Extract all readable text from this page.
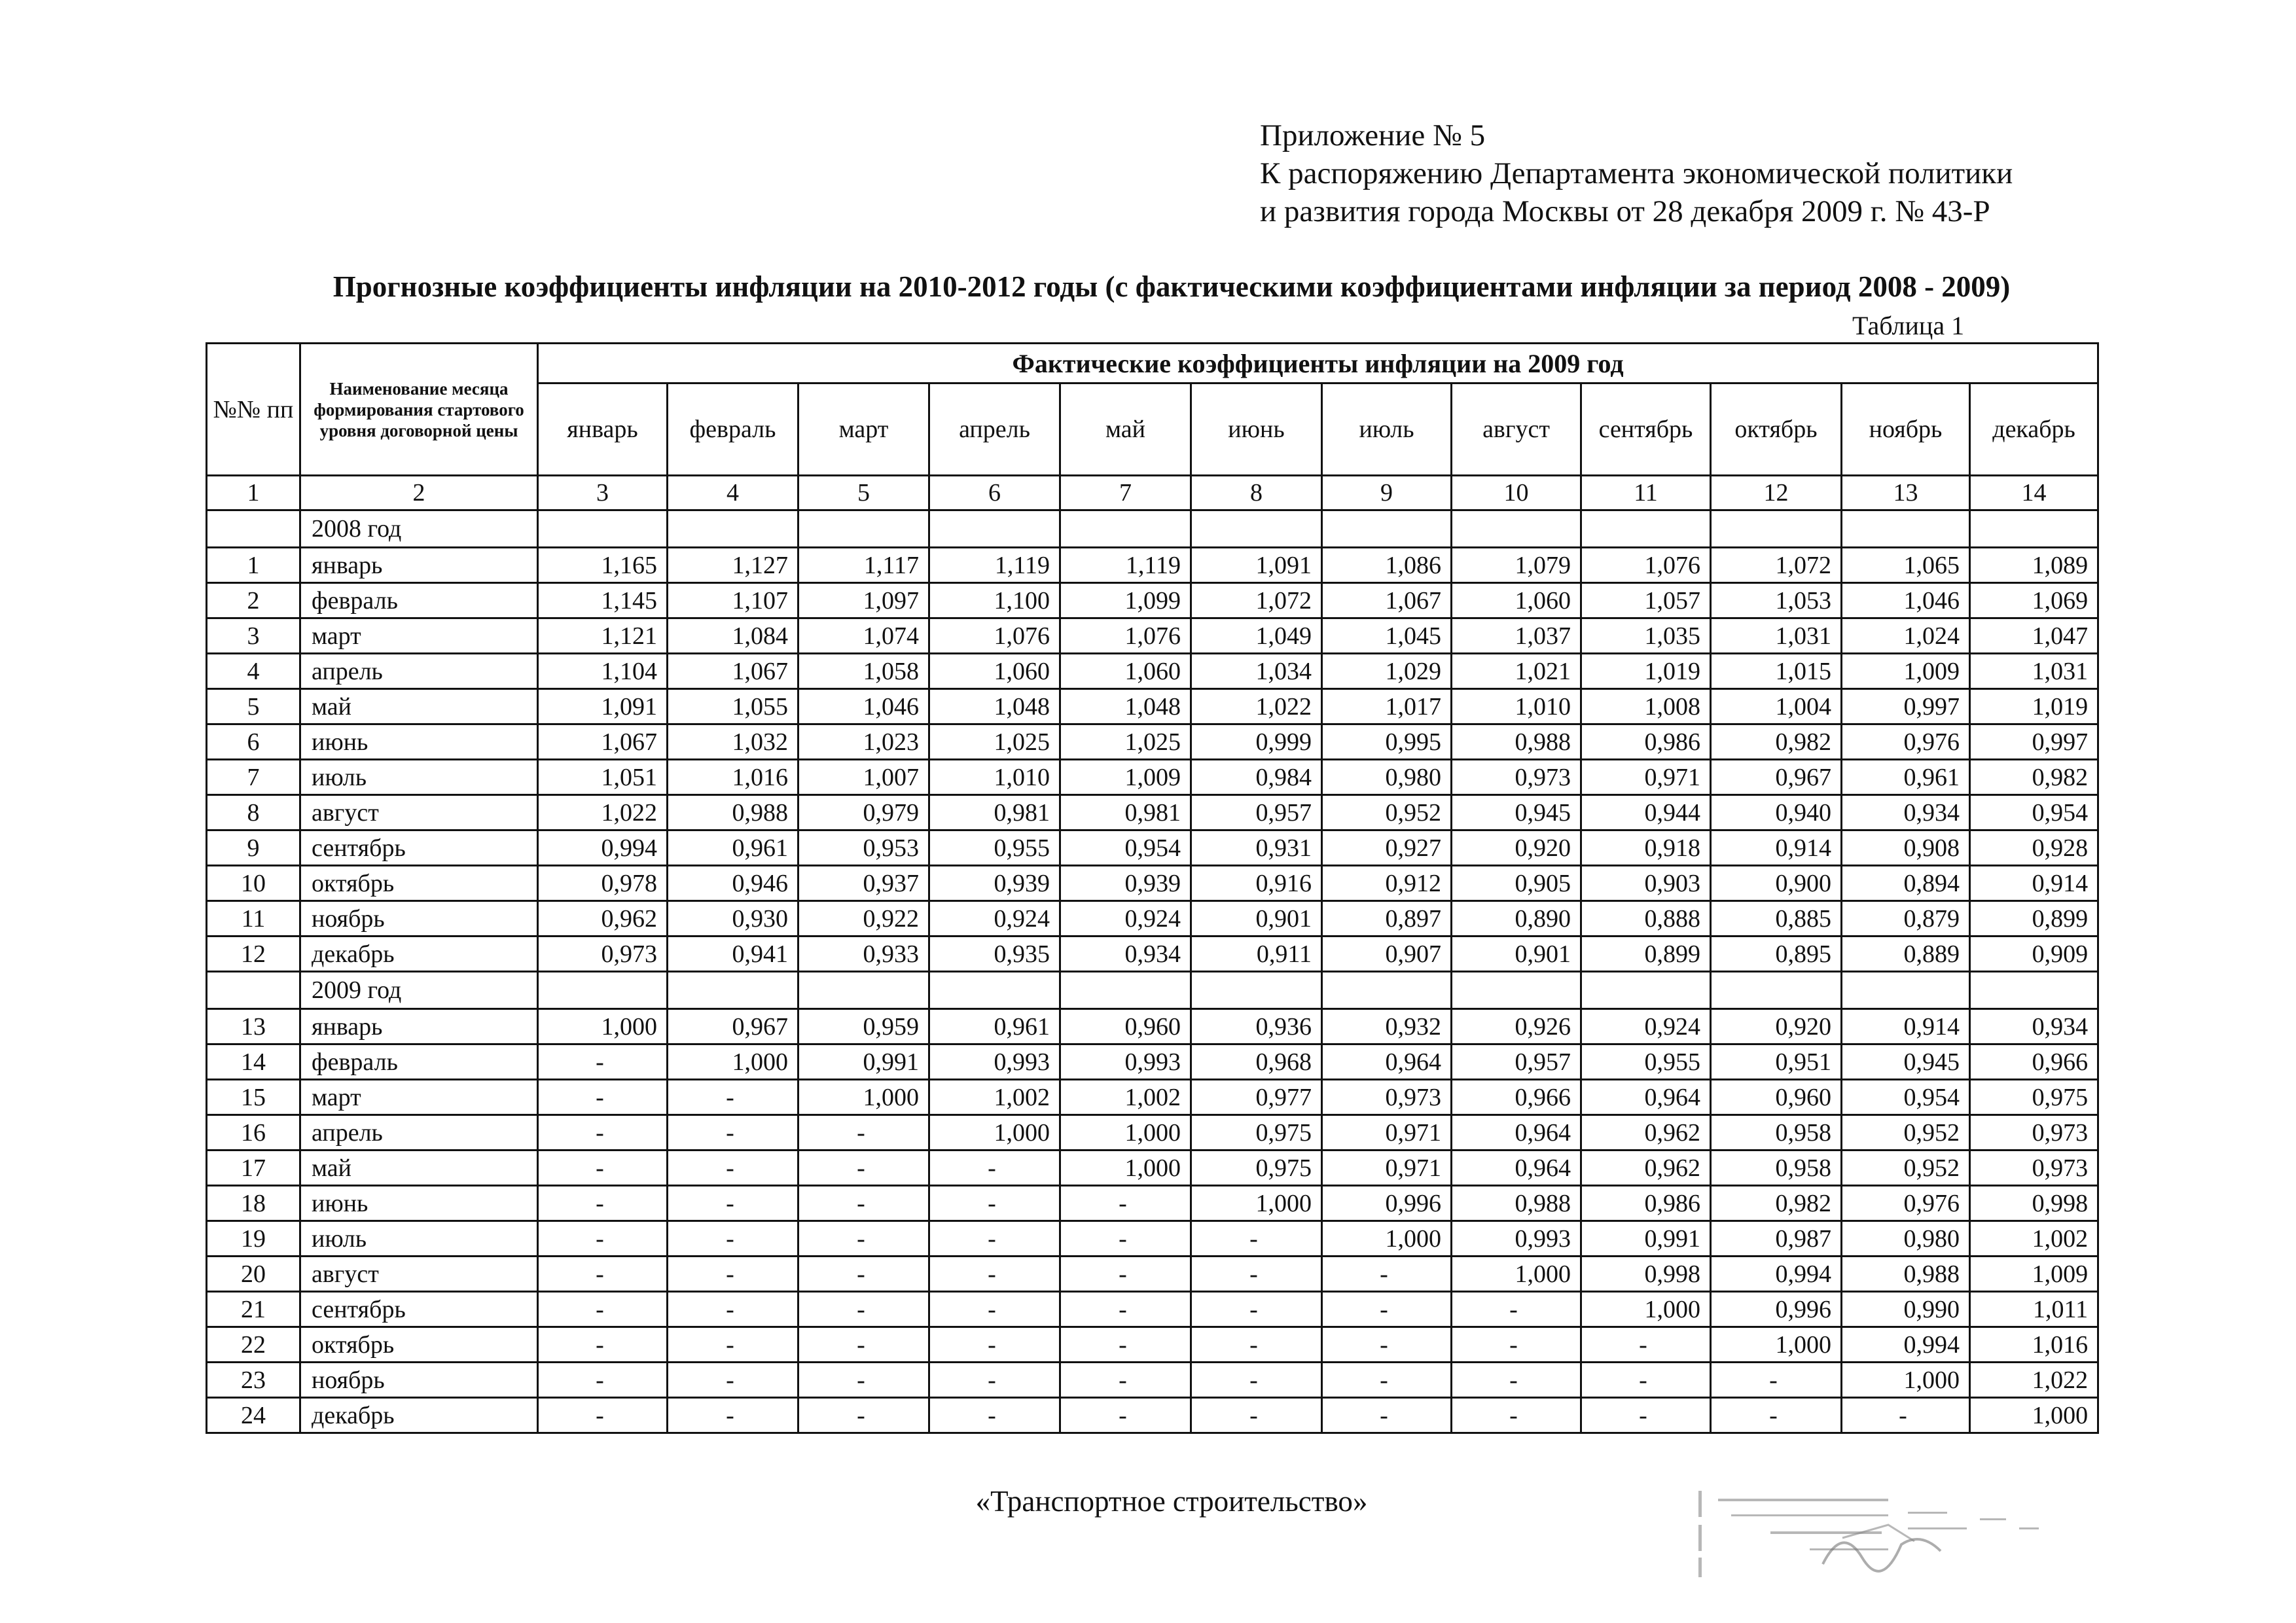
Приложение № 5
К распоряжению Департамента экономической политики
и развития города Москвы от 28 декабря 2009 г. № 43-Р
Прогнозные коэффициенты инфляции на 2010-2012 годы (с фактическими коэффициентами инфляции за период 2008 - 2009)
Таблица 1
№№ пп	Наименование месяца формирования стартового уровня договорной цены	Фактические коэффициенты инфляции на 2009 год											
		январь	февраль	март	апрель	май	июнь	июль	август	сентябрь	октябрь	ноябрь	декабрь
1	2	3	4	5	6	7	8	9	10	11	12	13	14
	2008 год												
1	январь	1,165	1,127	1,117	1,119	1,119	1,091	1,086	1,079	1,076	1,072	1,065	1,089
2	февраль	1,145	1,107	1,097	1,100	1,099	1,072	1,067	1,060	1,057	1,053	1,046	1,069
3	март	1,121	1,084	1,074	1,076	1,076	1,049	1,045	1,037	1,035	1,031	1,024	1,047
4	апрель	1,104	1,067	1,058	1,060	1,060	1,034	1,029	1,021	1,019	1,015	1,009	1,031
5	май	1,091	1,055	1,046	1,048	1,048	1,022	1,017	1,010	1,008	1,004	0,997	1,019
6	июнь	1,067	1,032	1,023	1,025	1,025	0,999	0,995	0,988	0,986	0,982	0,976	0,997
7	июль	1,051	1,016	1,007	1,010	1,009	0,984	0,980	0,973	0,971	0,967	0,961	0,982
8	август	1,022	0,988	0,979	0,981	0,981	0,957	0,952	0,945	0,944	0,940	0,934	0,954
9	сентябрь	0,994	0,961	0,953	0,955	0,954	0,931	0,927	0,920	0,918	0,914	0,908	0,928
10	октябрь	0,978	0,946	0,937	0,939	0,939	0,916	0,912	0,905	0,903	0,900	0,894	0,914
11	ноябрь	0,962	0,930	0,922	0,924	0,924	0,901	0,897	0,890	0,888	0,885	0,879	0,899
12	декабрь	0,973	0,941	0,933	0,935	0,934	0,911	0,907	0,901	0,899	0,895	0,889	0,909
	2009 год												
13	январь	1,000	0,967	0,959	0,961	0,960	0,936	0,932	0,926	0,924	0,920	0,914	0,934
14	февраль	-	1,000	0,991	0,993	0,993	0,968	0,964	0,957	0,955	0,951	0,945	0,966
15	март	-	-	1,000	1,002	1,002	0,977	0,973	0,966	0,964	0,960	0,954	0,975
16	апрель	-	-	-	1,000	1,000	0,975	0,971	0,964	0,962	0,958	0,952	0,973
17	май	-	-	-	-	1,000	0,975	0,971	0,964	0,962	0,958	0,952	0,973
18	июнь	-	-	-	-	-	1,000	0,996	0,988	0,986	0,982	0,976	0,998
19	июль	-	-	-	-	-	-	1,000	0,993	0,991	0,987	0,980	1,002
20	август	-	-	-	-	-	-	-	1,000	0,998	0,994	0,988	1,009
21	сентябрь	-	-	-	-	-	-	-	-	1,000	0,996	0,990	1,011
22	октябрь	-	-	-	-	-	-	-	-	-	1,000	0,994	1,016
23	ноябрь	-	-	-	-	-	-	-	-	-	-	1,000	1,022
24	декабрь	-	-	-	-	-	-	-	-	-	-	-	1,000
«Транспортное строительство»
